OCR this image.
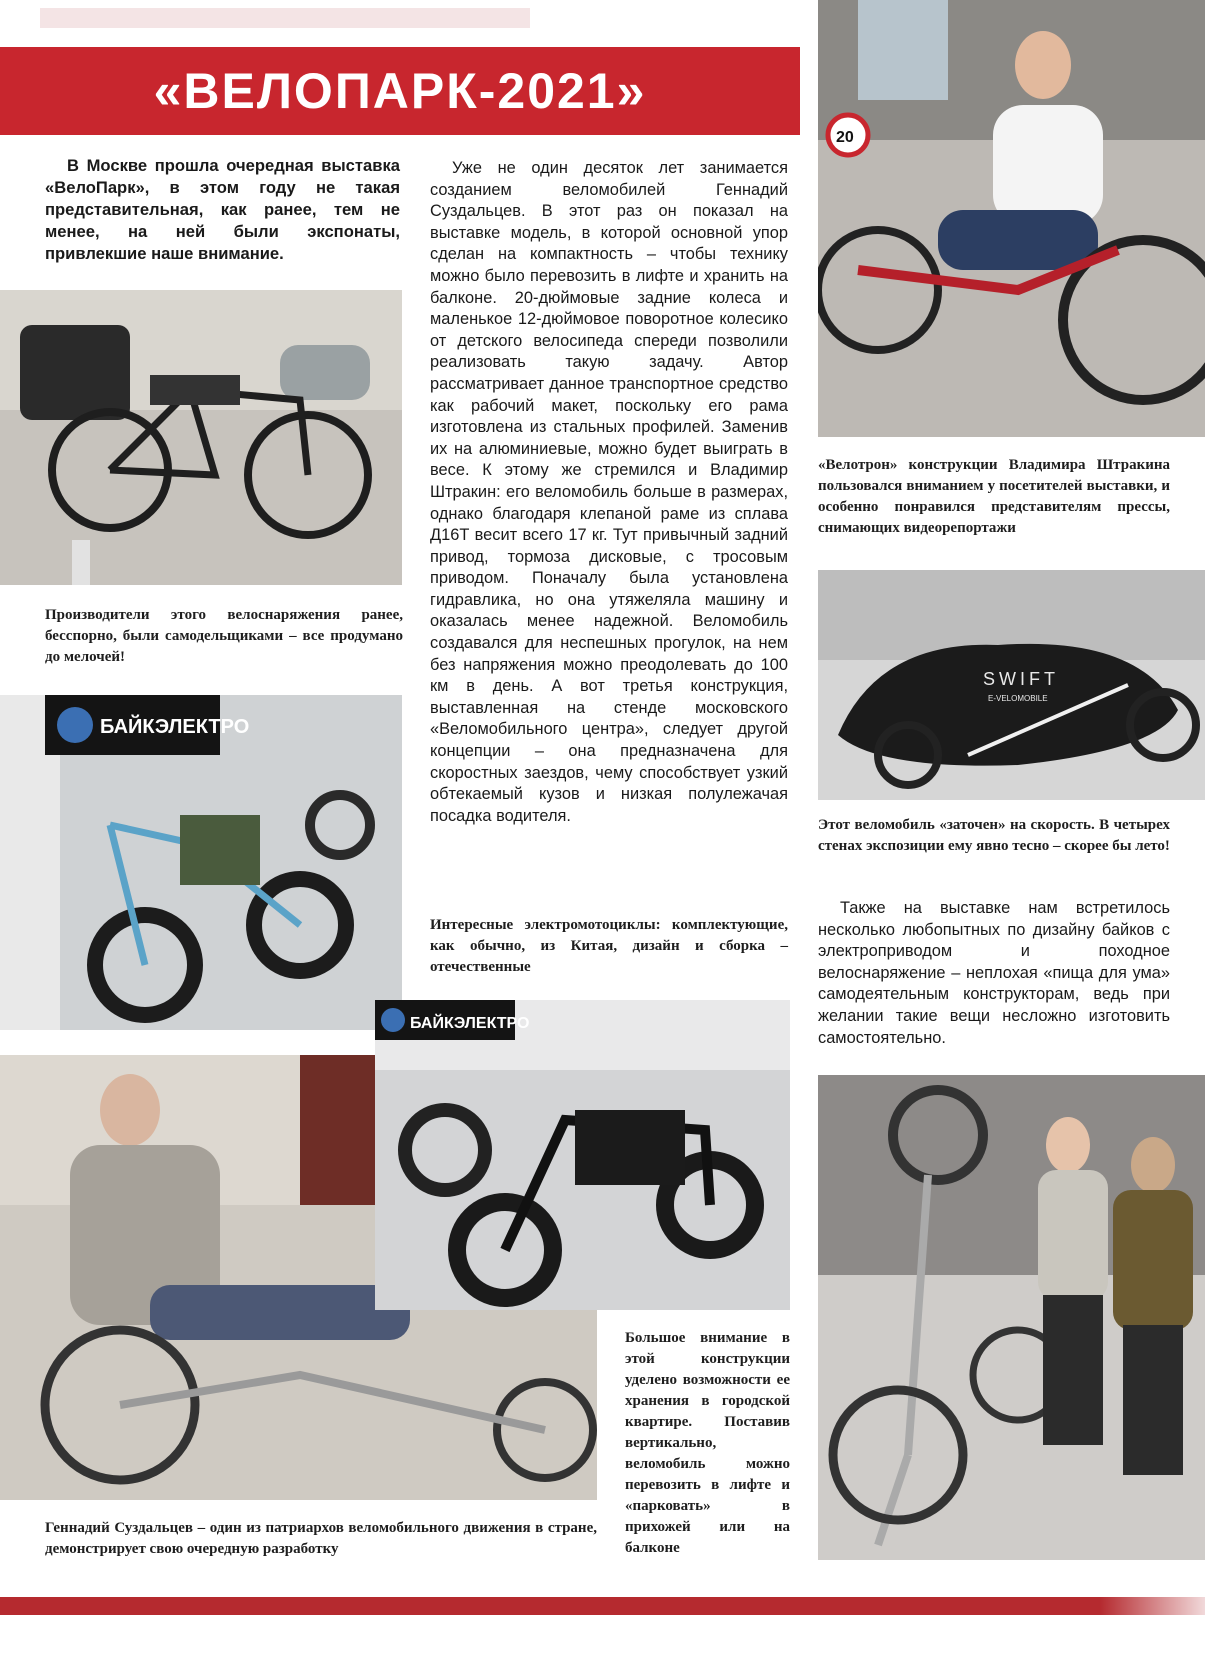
«ВЕЛОПАРК-2021»
В Москве прошла очередная выставка «ВелоПарк», в этом году не такая представительная, как ранее, тем не менее, на ней были экспонаты, привлекшие наше внимание.
Уже не один десяток лет занимается созданием веломобилей Геннадий Суздальцев. В этот раз он показал на выставке модель, в которой основной упор сделан на компактность – чтобы технику можно было перевозить в лифте и хранить на балконе. 20-дюймовые задние колеса и маленькое 12-дюймовое поворотное колесико от детского велосипеда спереди позволили реализовать такую задачу. Автор рассматривает данное транспортное средство как рабочий макет, поскольку его рама изготовлена из стальных профилей. Заменив их на алюминиевые, можно будет выиграть в весе. К этому же стремился и Владимир Штракин: его веломобиль больше в размерах, однако благодаря клепаной раме из сплава Д16Т весит всего 17 кг. Тут привычный задний привод, тормоза дисковые, с тросовым приводом. Поначалу была установлена гидравлика, но она утяжеляла машину и оказалась менее надежной. Веломобиль создавался для неспешных прогулок, на нем без напряжения можно преодолевать до 100 км в день. А вот третья конструкция, выставленная на стенде московского «Веломобильного центра», следует другой концепции – она предназначена для скоростных заездов, чему способствует узкий обтекаемый кузов и низкая полулежачая посадка водителя.
Производители этого велоснаряжения ранее, бесспорно, были самодельщиками – все продумано до мелочей!
БАЙКЭЛЕКТРО
Интересные электромотоциклы: комплектующие, как обычно, из Китая, дизайн и сборка – отечественные
БАЙКЭЛЕКТРО
Геннадий Суздальцев – один из патриархов веломобильного движения в стране, демонстрирует свою очередную разработку
Большое внимание в этой конструкции уделено возможности ее хранения в городской квартире. Поставив вертикально, веломобиль можно перевозить в лифте и «парковать» в прихожей или на балконе
20
«Велотрон» конструкции Владимира Штракина пользовался вниманием у посетителей выставки, и особенно понравился представителям прессы, снимающих видеорепортажи
SWIFT
E-VELOMOBILE
Этот веломобиль «заточен» на скорость. В четырех стенах экспозиции ему явно тесно – скорее бы лето!
Также на выставке нам встретилось несколько любопытных по дизайну байков с электроприводом и походное велоснаряжение – неплохая «пища для ума» самодеятельным конструкторам, ведь при желании такие вещи несложно изготовить самостоятельно.
